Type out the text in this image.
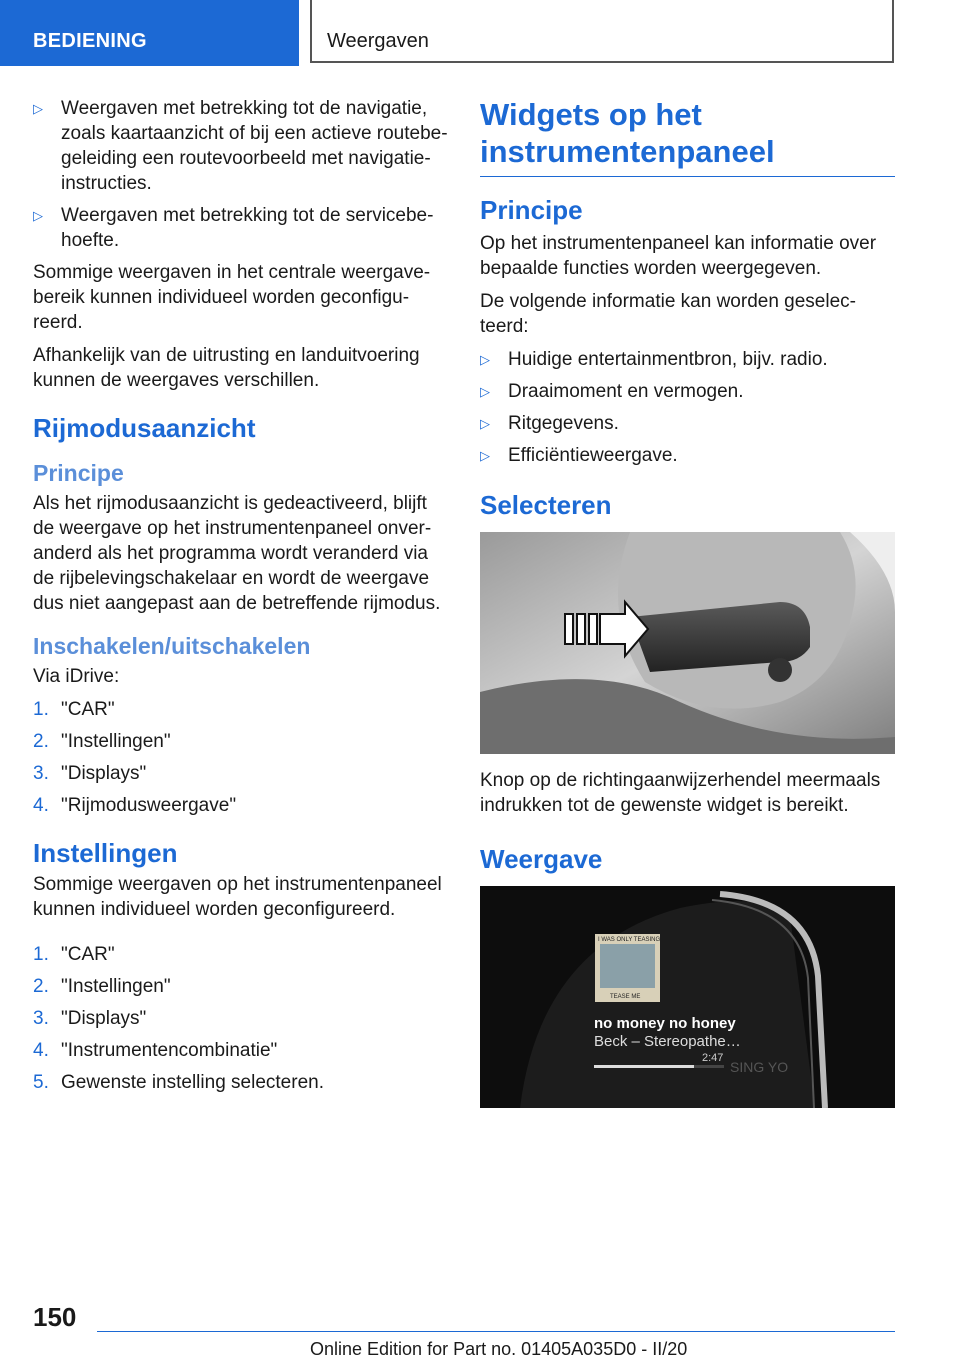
BEDIENING	Weergaven
▷ Weergaven met betrekking tot de navigatie, zoals kaartaanzicht of bij een actieve routebegeleiding een routevoorbeeld met navigatieinstructies.
▷ Weergaven met betrekking tot de servicebehoefte.

Sommige weergaven in het centrale weergavebereik kunnen individueel worden geconfigureerd.

Afhankelijk van de uitrusting en landuitvoering kunnen de weergaves verschillen.

Rijmodusaanzicht
Principe

Als het rijmodusaanzicht is gedeactiveerd, blijft de weergave op het instrumentenpaneel onveranderd als het programma wordt veranderd via de rijbelevingschakelaar en wordt de weergave dus niet aangepast aan de betreffende rijmodus.

Inschakelen/uitschakelen

Via iDrive:

1. "CAR"
2. "Instellingen"
3. "Displays"
4. "Rijmodusweergave"
Instellingen

Sommige weergaven op het instrumentenpaneel kunnen individueel worden geconfigureerd.

1. "CAR"
2. "Instellingen"
3. "Displays"
4. "Instrumentencombinatie"
5. Gewenste instelling selecteren.
Widgets op het instrumentenpaneel
Principe

Op het instrumentenpaneel kan informatie over bepaalde functies worden weergegeven.

De volgende informatie kan worden geselecteerd:

▷ Huidige entertainmentbron, bijv. radio.
▷ Draaimoment en vermogen.
▷ Ritgegevens.
▷ Efficiëntieweergave.
Selecteren

Knop op de richtingaanwijzerhendel meermaals indrukken tot de gewenste widget is bereikt.

Weergave
I WAS ONLY TEASING
TEASE ME
no money no honey
Beck – Stereopathe…
2:47
SING YO
150
Online Edition for Part no. 01405A035D0 - II/20
